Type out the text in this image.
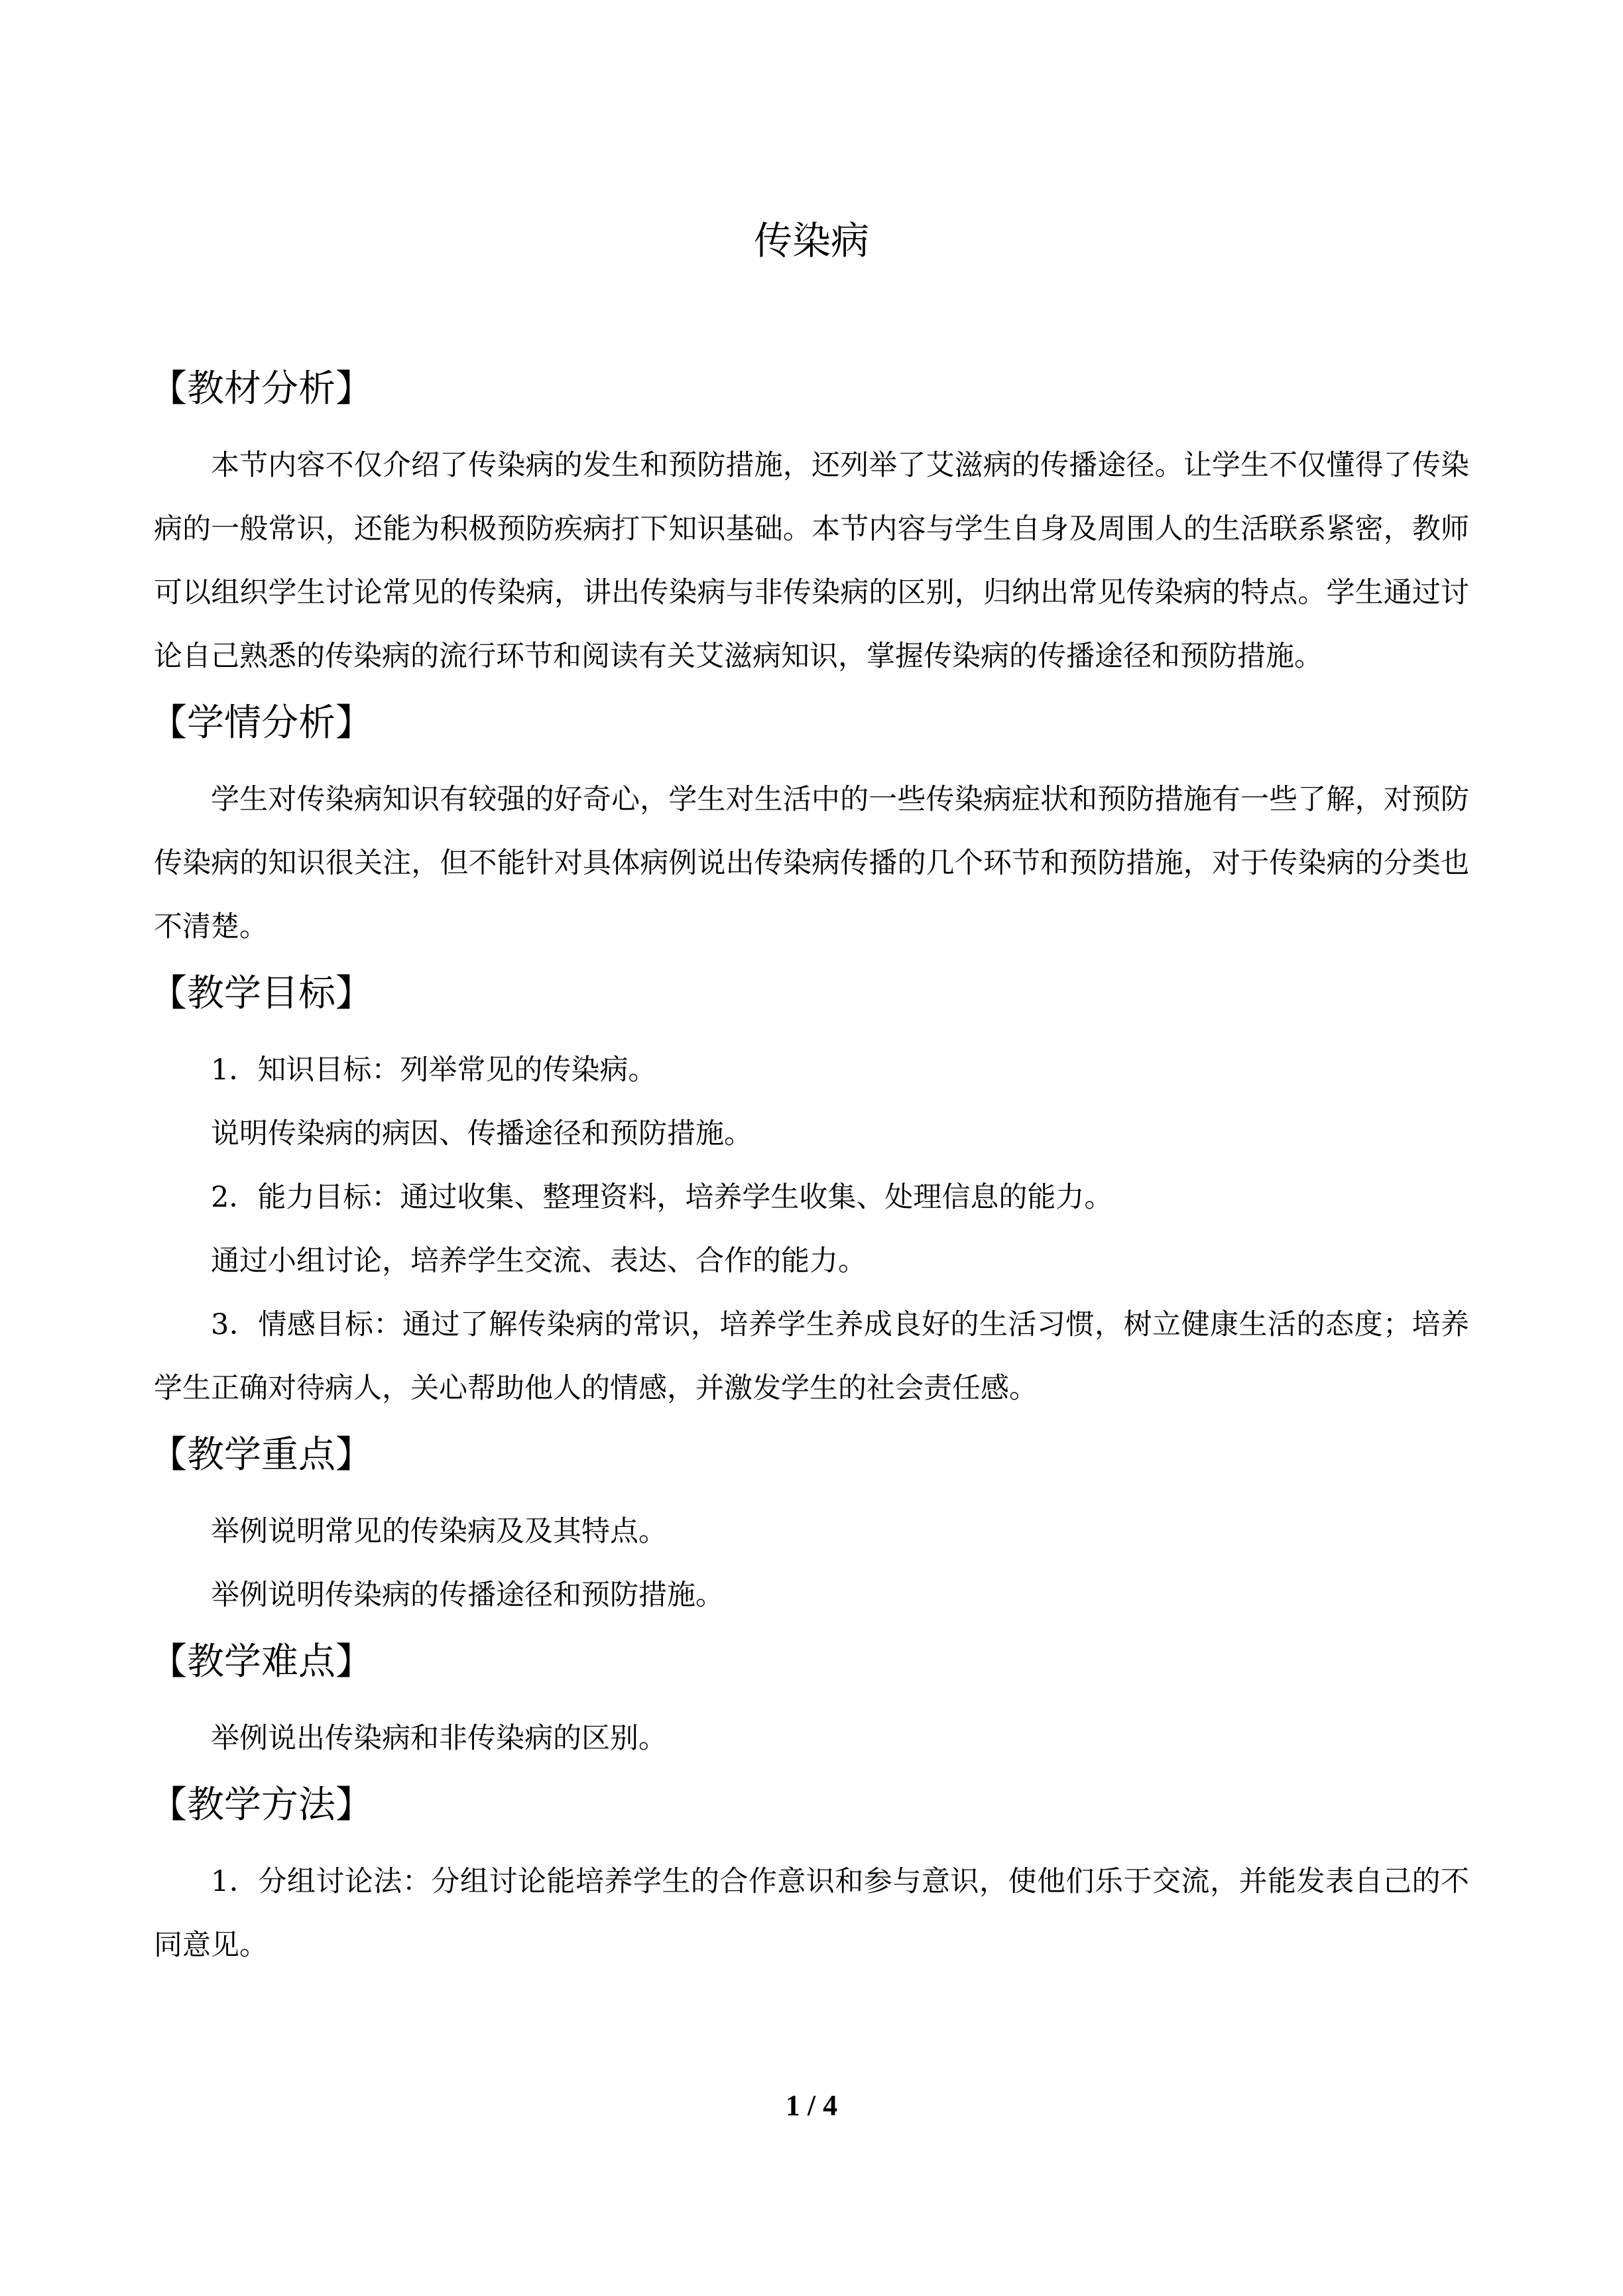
传染病
【教材分析】

本节内容不仅介绍了传染病的发生和预防措施，还列举了艾滋病的传播途径。让学生不仅懂得了传染病的一般常识，还能为积极预防疾病打下知识基础。本节内容与学生自身及周围人的生活联系紧密，教师可以组织学生讨论常见的传染病，讲出传染病与非传染病的区别，归纳出常见传染病的特点。学生通过讨论自己熟悉的传染病的流行环节和阅读有关艾滋病知识，掌握传染病的传播途径和预防措施。

【学情分析】

学生对传染病知识有较强的好奇心，学生对生活中的一些传染病症状和预防措施有一些了解，对预防传染病的知识很关注，但不能针对具体病例说出传染病传播的几个环节和预防措施，对于传染病的分类也不清楚。

【教学目标】

1．知识目标：列举常见的传染病。

说明传染病的病因、传播途径和预防措施。

2．能力目标：通过收集、整理资料，培养学生收集、处理信息的能力。

通过小组讨论，培养学生交流、表达、合作的能力。

3．情感目标：通过了解传染病的常识，培养学生养成良好的生活习惯，树立健康生活的态度；培养学生正确对待病人，关心帮助他人的情感，并激发学生的社会责任感。

【教学重点】

举例说明常见的传染病及及其特点。

举例说明传染病的传播途径和预防措施。

【教学难点】

举例说出传染病和非传染病的区别。

【教学方法】

1．分组讨论法：分组讨论能培养学生的合作意识和参与意识，使他们乐于交流，并能发表自己的不同意见。

1 / 4
